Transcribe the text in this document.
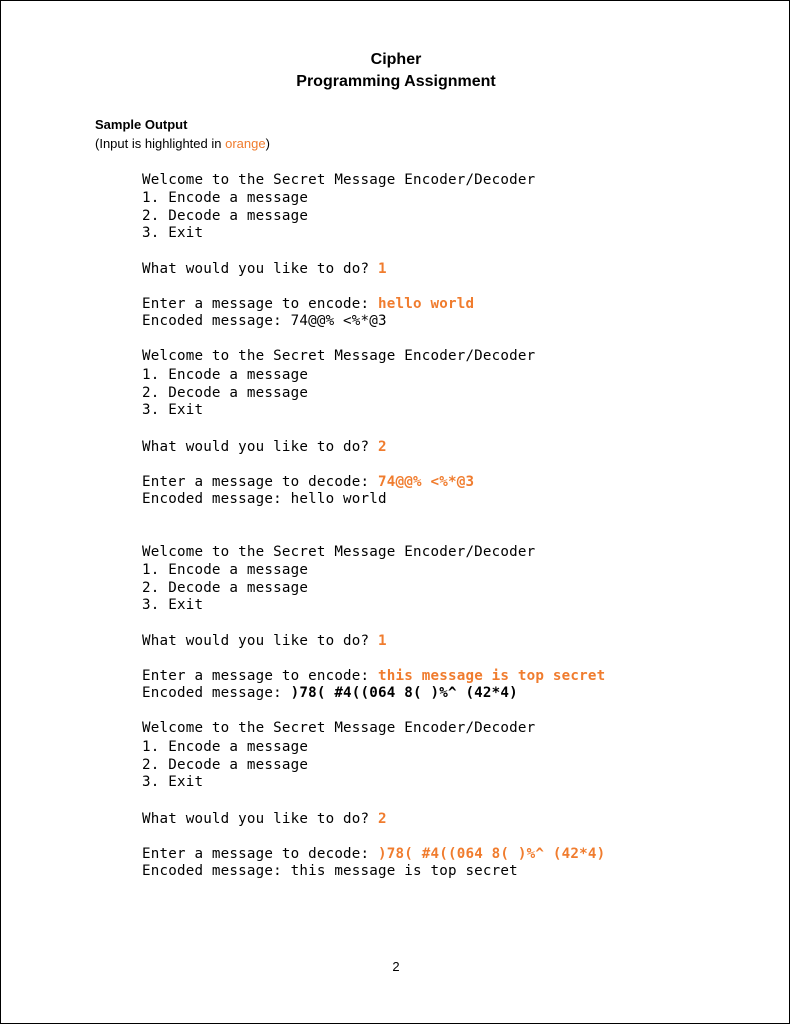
Cipher
Programming Assignment
Sample Output
(Input is highlighted in orange)
Welcome to the Secret Message Encoder/Decoder
1. Encode a message
2. Decode a message
3. Exit
What would you like to do? 1
Enter a message to encode: hello world
Encoded message: 74@@% <%*@3
Welcome to the Secret Message Encoder/Decoder
1. Encode a message
2. Decode a message
3. Exit
What would you like to do? 2
Enter a message to decode: 74@@% <%*@3
Encoded message: hello world
Welcome to the Secret Message Encoder/Decoder
1. Encode a message
2. Decode a message
3. Exit
What would you like to do? 1
Enter a message to encode: this message is top secret
Encoded message: )78( #4((064 8( )%^ (42*4)
Welcome to the Secret Message Encoder/Decoder
1. Encode a message
2. Decode a message
3. Exit
What would you like to do? 2
Enter a message to decode: )78( #4((064 8( )%^ (42*4)
Encoded message: this message is top secret
2
